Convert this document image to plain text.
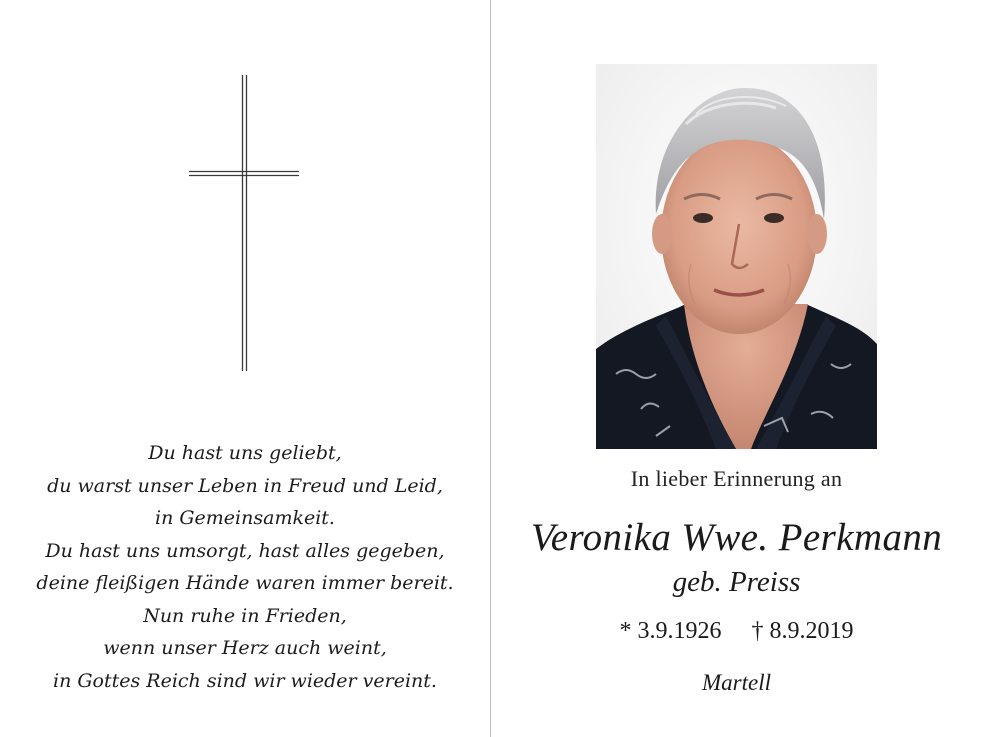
Du hast uns geliebt,
du warst unser Leben in Freud und Leid,
in Gemeinsamkeit.
Du hast uns umsorgt, hast alles gegeben,
deine fleißigen Hände waren immer bereit.
Nun ruhe in Frieden,
wenn unser Herz auch weint,
in Gottes Reich sind wir wieder vereint.
In lieber Erinnerung an
Veronika Wwe. Perkmann
geb. Preiss
* 3.9.1926 † 8.9.2019
Martell
